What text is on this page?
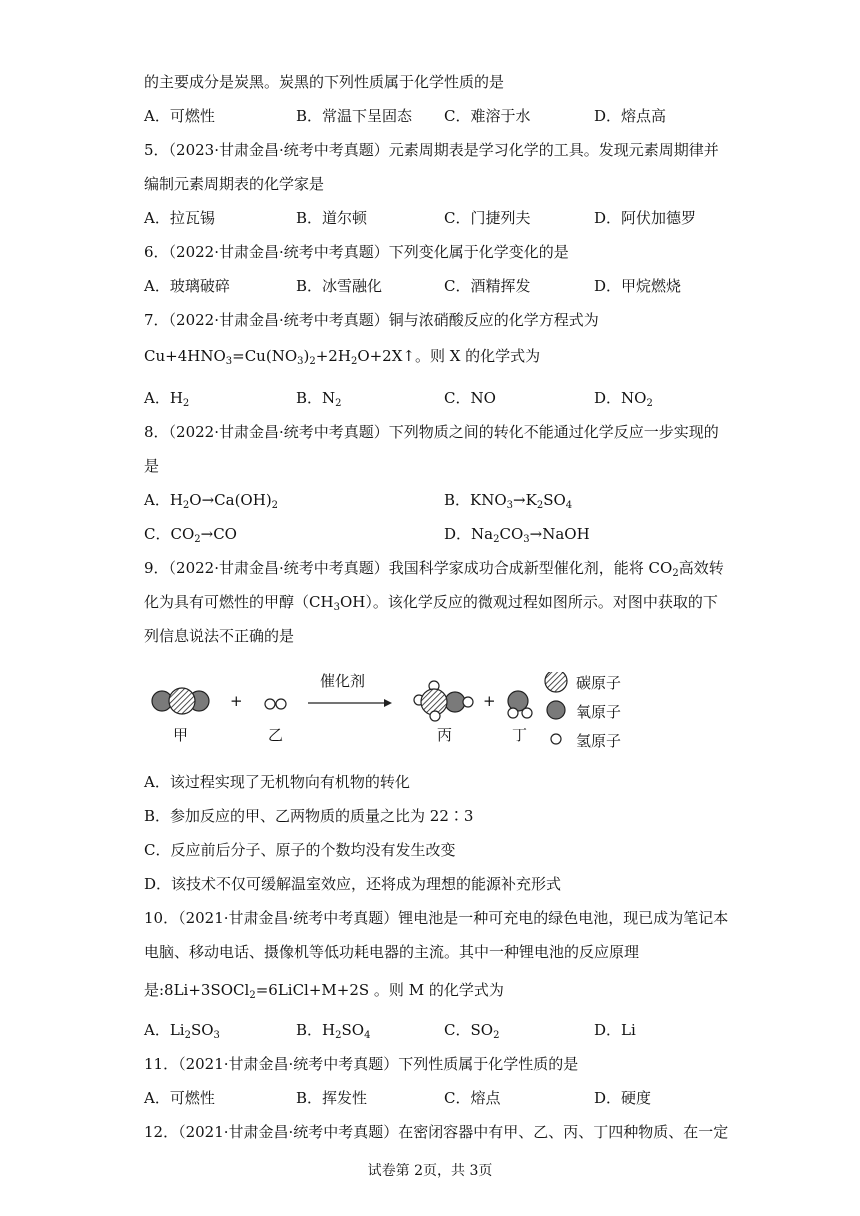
的主要成分是炭黑。炭黑的下列性质属于化学性质的是
A．可燃性	B．常温下呈固态 C．难溶于水	D．熔点高
5．（2023·甘肃金昌·统考中考真题）元素周期表是学习化学的工具。发现元素周期律并
编制元素周期表的化学家是
A．拉瓦锡	B．道尔顿	C．门捷列夫	D．阿伏加德罗
6．（2022·甘肃金昌·统考中考真题）下列变化属于化学变化的是
A．玻璃破碎	B．冰雪融化	C．酒精挥发	D．甲烷燃烧
7．（2022·甘肃金昌·统考中考真题）铜与浓硝酸反应的化学方程式为
$Cu+4HNO_3=Cu(NO_3)_2+2H_2O+2X↑$。则 X 的化学式为
A．$H_2$	B．$N_2$	C．NO	D．$NO_2$
8．（2022·甘肃金昌·统考中考真题）下列物质之间的转化不能通过化学反应一步实现的
是
A．$H_2O\to Ca(OH)_2$	B．$KNO_3\to K_2SO_4$
C．$CO_2\to CO$	D．$Na_2CO_3\to NaOH$
9．（2022·甘肃金昌·统考中考真题）我国科学家成功合成新型催化剂，能将 $CO_2$高效转
化为具有可燃性的甲醇$(CH_3OH)$。该化学反应的微观过程如图所示。对图中获取的下
列信息说法不正确的是
催化剂
+	+
甲	乙	丙	丁
碳原子
氧原子
氢原子
A．该过程实现了无机物向有机物的转化
B．参加反应的甲、乙两物质的质量之比为 22∶3
C．反应前后分子、原子的个数均没有发生改变
D．该技术不仅可缓解温室效应，还将成为理想的能源补充形式
10．（2021·甘肃金昌·统考中考真题）锂电池是一种可充电的绿色电池，现已成为笔记本
电脑、移动电话、摄像机等低功耗电器的主流。其中一种锂电池的反应原理
是:8Li+3SOCl$_2$=6LiCl+M+2S 。则 M 的化学式为
A．$Li_2SO_3$	B．$H_2SO_4$	C．$SO_2$	D．Li
11．（2021·甘肃金昌·统考中考真题）下列性质属于化学性质的是
A．可燃性	B．挥发性	C．熔点	D．硬度
12．（2021·甘肃金昌·统考中考真题）在密闭容器中有甲、乙、丙、丁四种物质、在一定
试卷第 2页，共 3页
